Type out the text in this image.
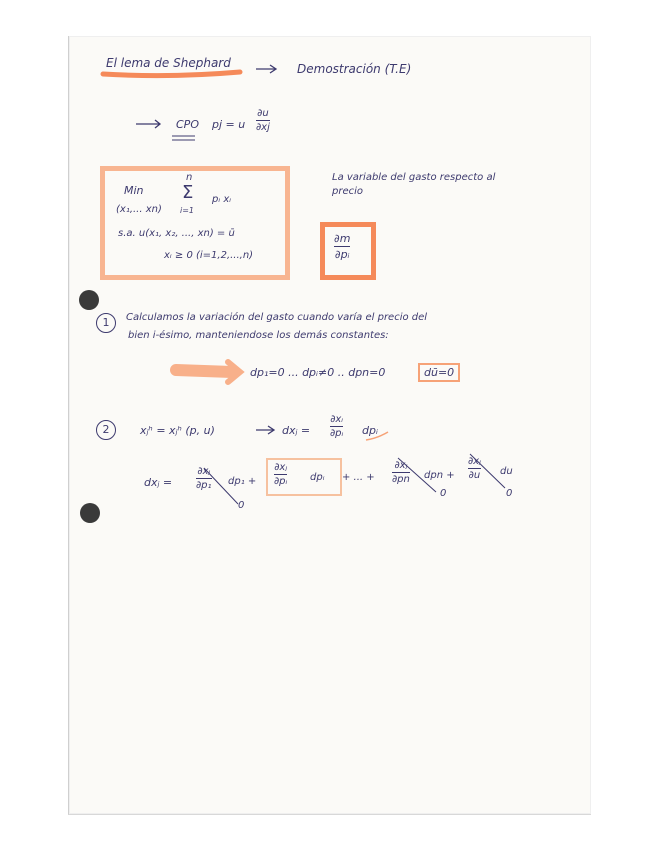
El lema de Shephard	Demostración (T.E)
CPO pj = u
∂u
∂xj
Min
(x₁,... xn)
n
Σ
i=1
pᵢ xᵢ
s.a. u(x₁, x₂, ..., xn) = ū
xᵢ ≥ 0 (i=1,2,...,n)
La variable del gasto respecto al
precio
∂m
∂pᵢ
1	Calculamos la variación del gasto cuando varía el precio del
bien i-ésimo, manteniendose los demás constantes:
dp₁=0 ... dpᵢ≠0 .. dpn=0	dū=0
2	xⱼʰ = xⱼʰ (p, u)	dxⱼ =
∂xᵢ
∂pᵢ dpᵢ
dxⱼ =
∂xⱼ
∂p₁ dp₁ +
0
∂xⱼ
∂pᵢ dpᵢ + ... +
∂xⱼ
∂pn dpn +
0
∂xⱼ
∂u du
0
